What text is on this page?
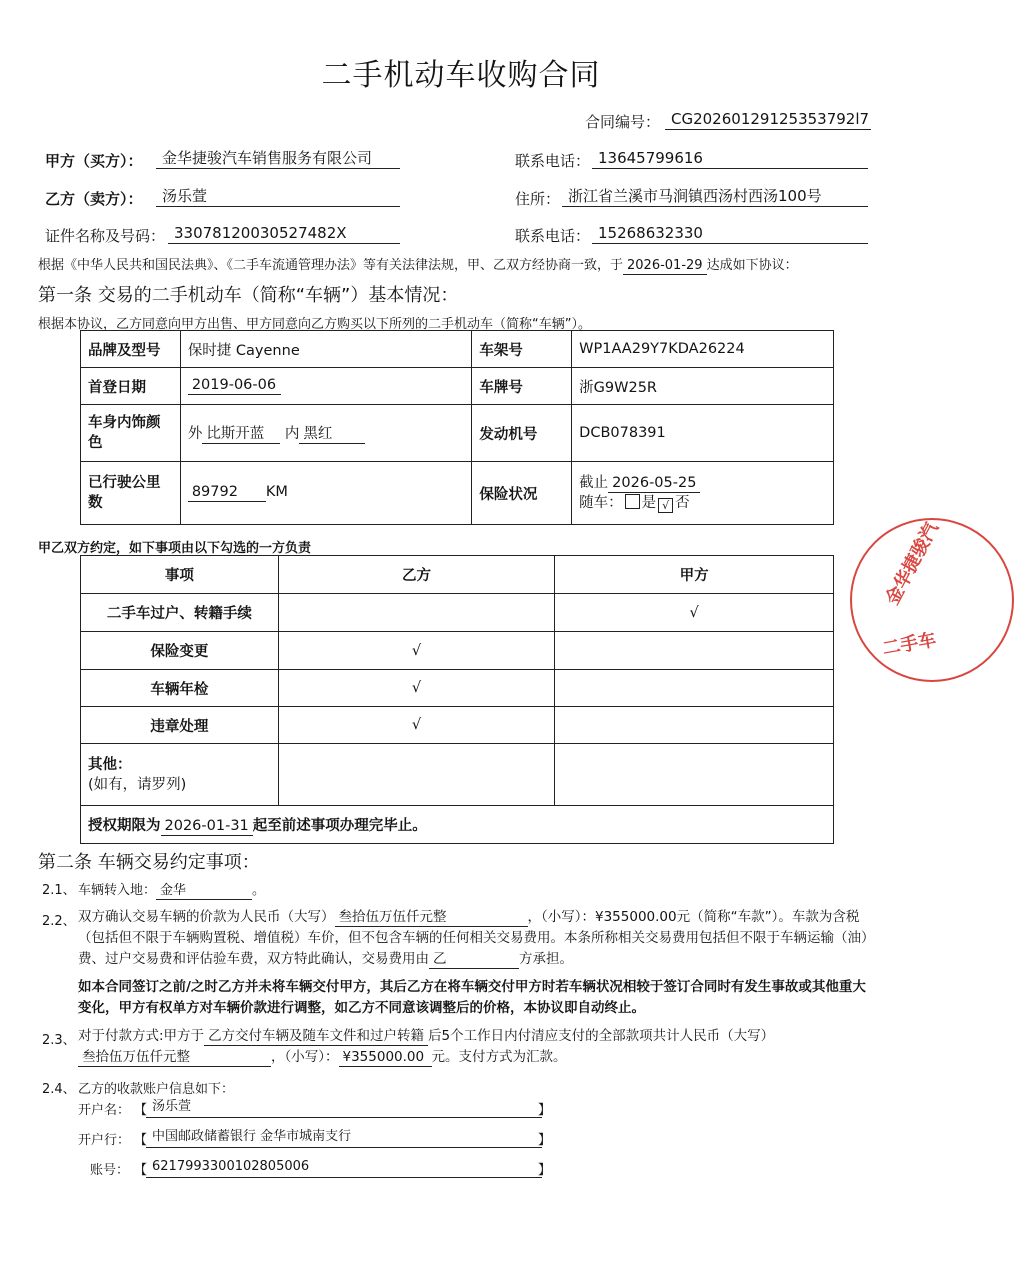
二手机动车收购合同
合同编号： CG20260129125353792l7
甲方（买方）：	金华捷骏汽车销售服务有限公司	联系电话： 13645799616
乙方（卖方）：	汤乐萱	住所： 浙江省兰溪市马涧镇西汤村西汤100号
证件名称及号码： 33078120030527482X	联系电话： 15268632330
根据《中华人民共和国民法典》、《二手车流通管理办法》等有关法律法规，甲、乙双方经协商一致，于 2026-01-29 达成如下协议：
第一条 交易的二手机动车（简称“车辆”）基本情况：
根据本协议，乙方同意向甲方出售、甲方同意向乙方购买以下所列的二手机动车（简称“车辆”）。
品牌及型号	保时捷 Cayenne	车架号	WP1AA29Y7KDA26224
首登日期	2019-06-06	车牌号	浙G9W25R
车身内饰颜色	外 比斯开蓝 内 黑红	发动机号	DCB078391
已行驶公里数	89792 KM	保险状况	截止 2026-05-25
随车： 是 √ 否
甲乙双方约定，如下事项由以下勾选的一方负责
事项	乙方	甲方
二手车过户、转籍手续		√
保险变更	√	
车辆年检	√	
违章处理	√	

其他：
(如有，请罗列)		

授权期限为 2026-01-31 起至前述事项办理完毕止。		
第二条 车辆交易约定事项：
2.1、 车辆转入地： 金华	。
2.2、 双方确认交易车辆的价款为人民币（大写） 叁拾伍万伍仟元整	，（小写）：¥355000.00元（简称“车款”）。车款为含税（包括但不限于车辆购置税、增值税）车价，但不包含车辆的任何相关交易费用。本条所称相关交易费用包括但不限于车辆运输（油）费、过户交易费和评估验车费，双方特此确认，交易费用由 乙	方承担。
如本合同签订之前/之时乙方并未将车辆交付甲方，其后乙方在将车辆交付甲方时若车辆状况相较于签订合同时有发生事故或其他重大变化，甲方有权单方对车辆价款进行调整，如乙方不同意该调整后的价格，本协议即自动终止。
2.3、 对于付款方式:甲方于 乙方交付车辆及随车文件和过户转籍 后5个工作日内付清应支付的全部款项共计人民币（大写）
叁拾伍万伍仟元整	，（小写）： ¥355000.00 元。支付方式为汇款。
2.4、 乙方的收款账户信息如下：
开户名： 【 汤乐萱	】
开户行： 【 中国邮政储蓄银行 金华市城南支行	】
账号： 【 6217993300102805006	】
金华捷骏汽
二手车
